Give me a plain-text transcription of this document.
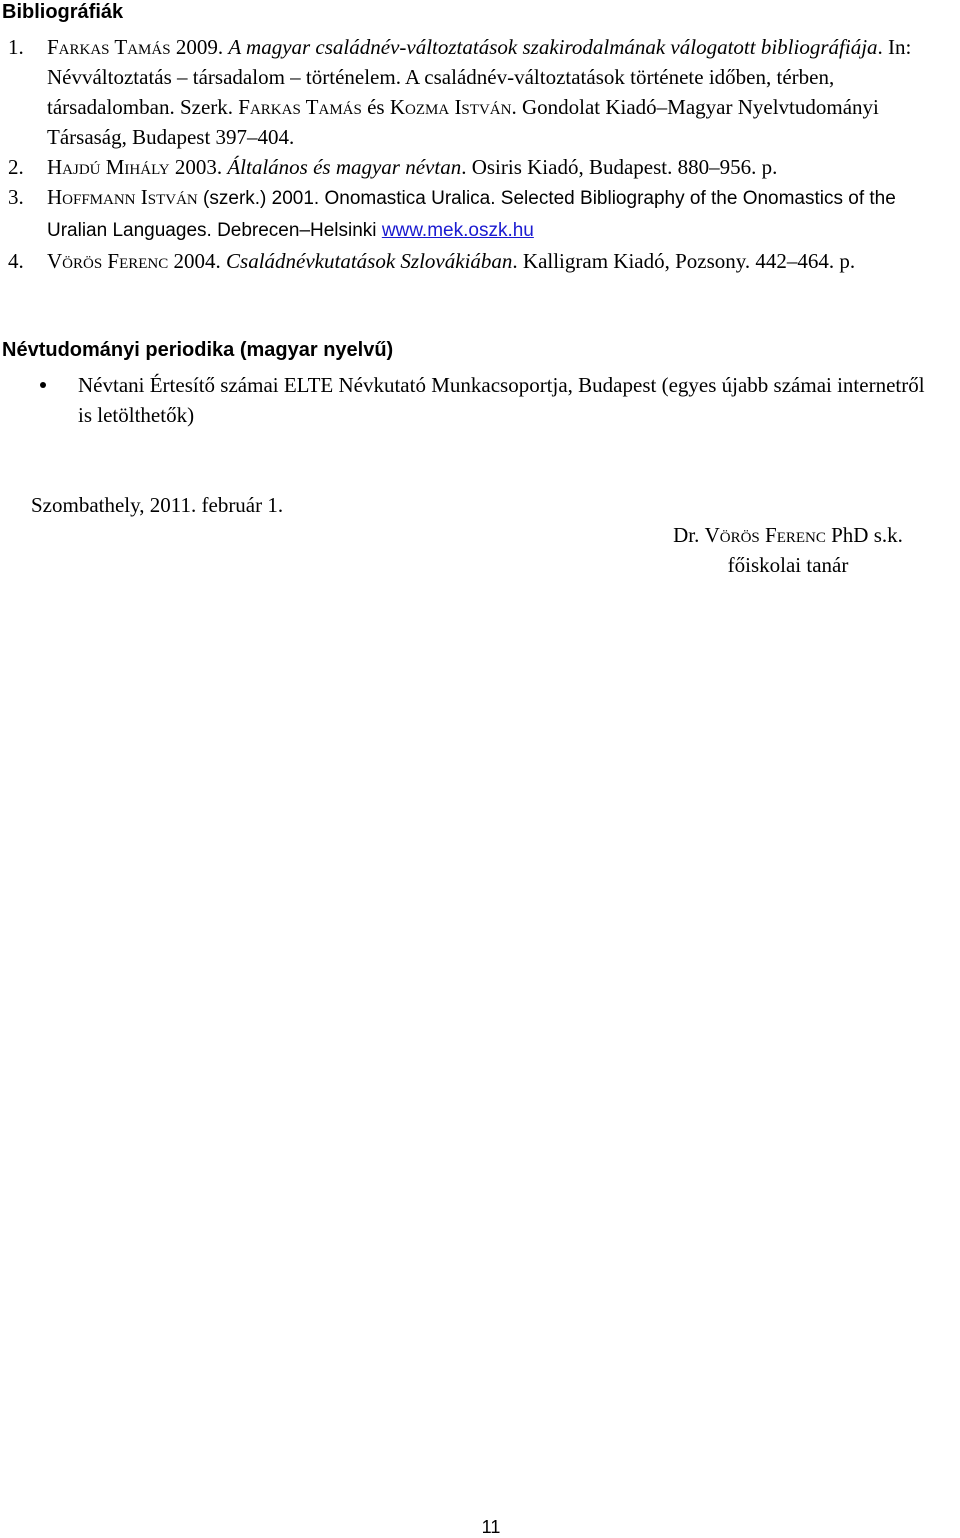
Bibliográfiák
1. Farkas Tamás 2009. A magyar családnév-változtatások szakirodalmának válogatott bibliográfiája. In: Névváltoztatás – társadalom – történelem. A családnév-változtatások története időben, térben, társadalomban. Szerk. Farkas Tamás és Kozma István. Gondolat Kiadó–Magyar Nyelvtudományi Társaság, Budapest 397–404.
2. Hajdú Mihály 2003. Általános és magyar névtan. Osiris Kiadó, Budapest. 880–956. p.
3. Hoffmann István (szerk.) 2001. Onomastica Uralica. Selected Bibliography of the Onomastics of the Uralian Languages. Debrecen–Helsinki www.mek.oszk.hu
4. Vörös Ferenc 2004. Családnévkutatások Szlovákiában. Kalligram Kiadó, Pozsony. 442–464. p.
Névtudományi periodika (magyar nyelvű)
Névtani Értesítő számai ELTE Névkutató Munkacsoportja, Budapest (egyes újabb számai internetről is letölthetők)
Szombathely, 2011. február 1.
Dr. Vörös Ferenc PhD s.k.
főiskolai tanár
11
